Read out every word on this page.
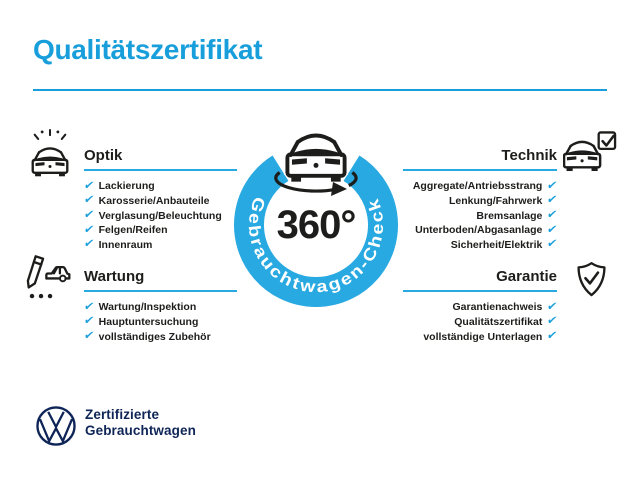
Qualitätszertifikat
Gebrauchtwagen-Check
360°
Optik
✔ Lackierung
✔ Karosserie/Anbauteile
✔ Verglasung/Beleuchtung
✔ Felgen/Reifen
✔ Innenraum
Technik
Aggregate/Antriebsstrang ✔
Lenkung/Fahrwerk ✔
Bremsanlage ✔
Unterboden/Abgasanlage ✔
Sicherheit/Elektrik ✔
Wartung
✔ Wartung/Inspektion
✔ Hauptuntersuchung
✔ vollständiges Zubehör
Garantie
Garantienachweis ✔
Qualitätszertifikat ✔
vollständige Unterlagen ✔
Zertifizierte
Gebrauchtwagen
